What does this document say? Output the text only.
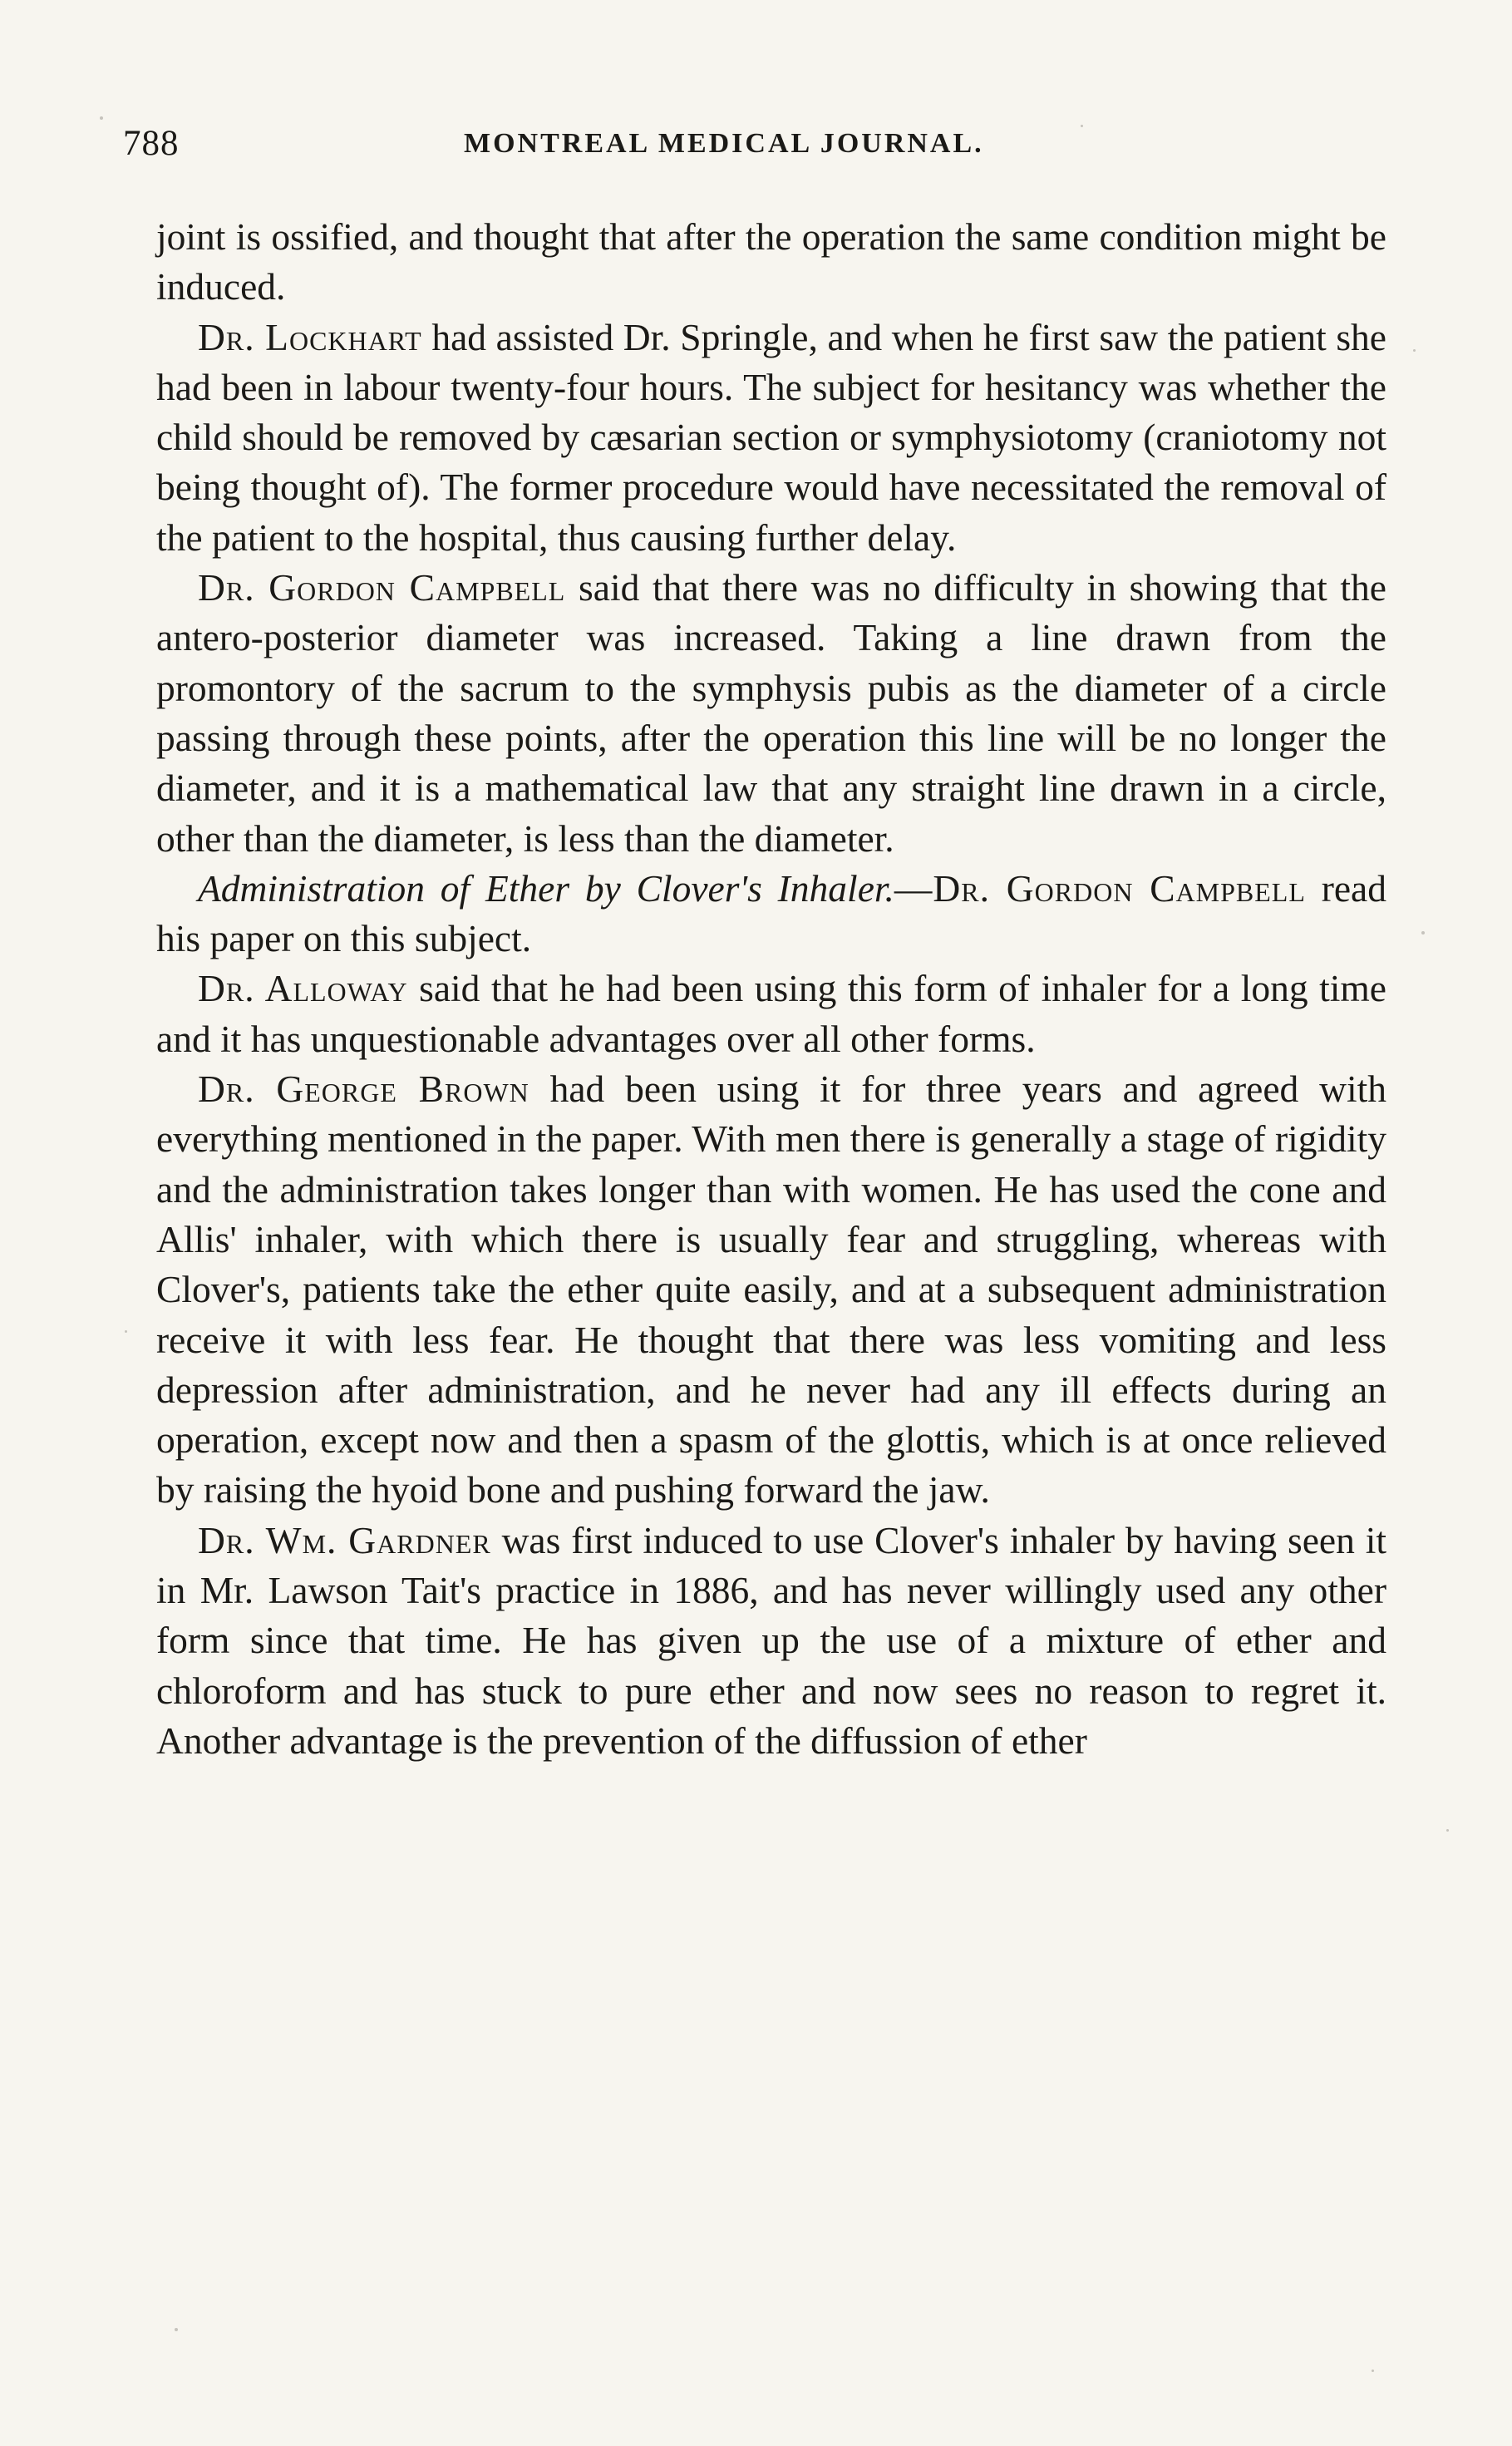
788	MONTREAL MEDICAL JOURNAL.

joint is ossified, and thought that after the operation the same condition might be induced.

Dr. Lockhart had assisted Dr. Springle, and when he first saw the patient she had been in labour twenty-four hours. The subject for hesitancy was whether the child should be removed by cæsarian section or symphysiotomy (craniotomy not being thought of). The former procedure would have necessitated the removal of the patient to the hospital, thus causing further delay.

Dr. Gordon Campbell said that there was no difficulty in showing that the antero-posterior diameter was increased. Taking a line drawn from the promontory of the sacrum to the symphysis pubis as the diameter of a circle passing through these points, after the operation this line will be no longer the diameter, and it is a mathematical law that any straight line drawn in a circle, other than the diameter, is less than the diameter.

Administration of Ether by Clover's Inhaler.—Dr. Gordon Campbell read his paper on this subject.

Dr. Alloway said that he had been using this form of inhaler for a long time and it has unquestionable advantages over all other forms.

Dr. George Brown had been using it for three years and agreed with everything mentioned in the paper. With men there is generally a stage of rigidity and the administration takes longer than with women. He has used the cone and Allis' inhaler, with which there is usually fear and struggling, whereas with Clover's, patients take the ether quite easily, and at a subsequent administration receive it with less fear. He thought that there was less vomiting and less depression after administration, and he never had any ill effects during an operation, except now and then a spasm of the glottis, which is at once relieved by raising the hyoid bone and pushing forward the jaw.

Dr. Wm. Gardner was first induced to use Clover's inhaler by having seen it in Mr. Lawson Tait's practice in 1886, and has never willingly used any other form since that time. He has given up the use of a mixture of ether and chloroform and has stuck to pure ether and now sees no reason to regret it. Another advantage is the prevention of the diffussion of ether
